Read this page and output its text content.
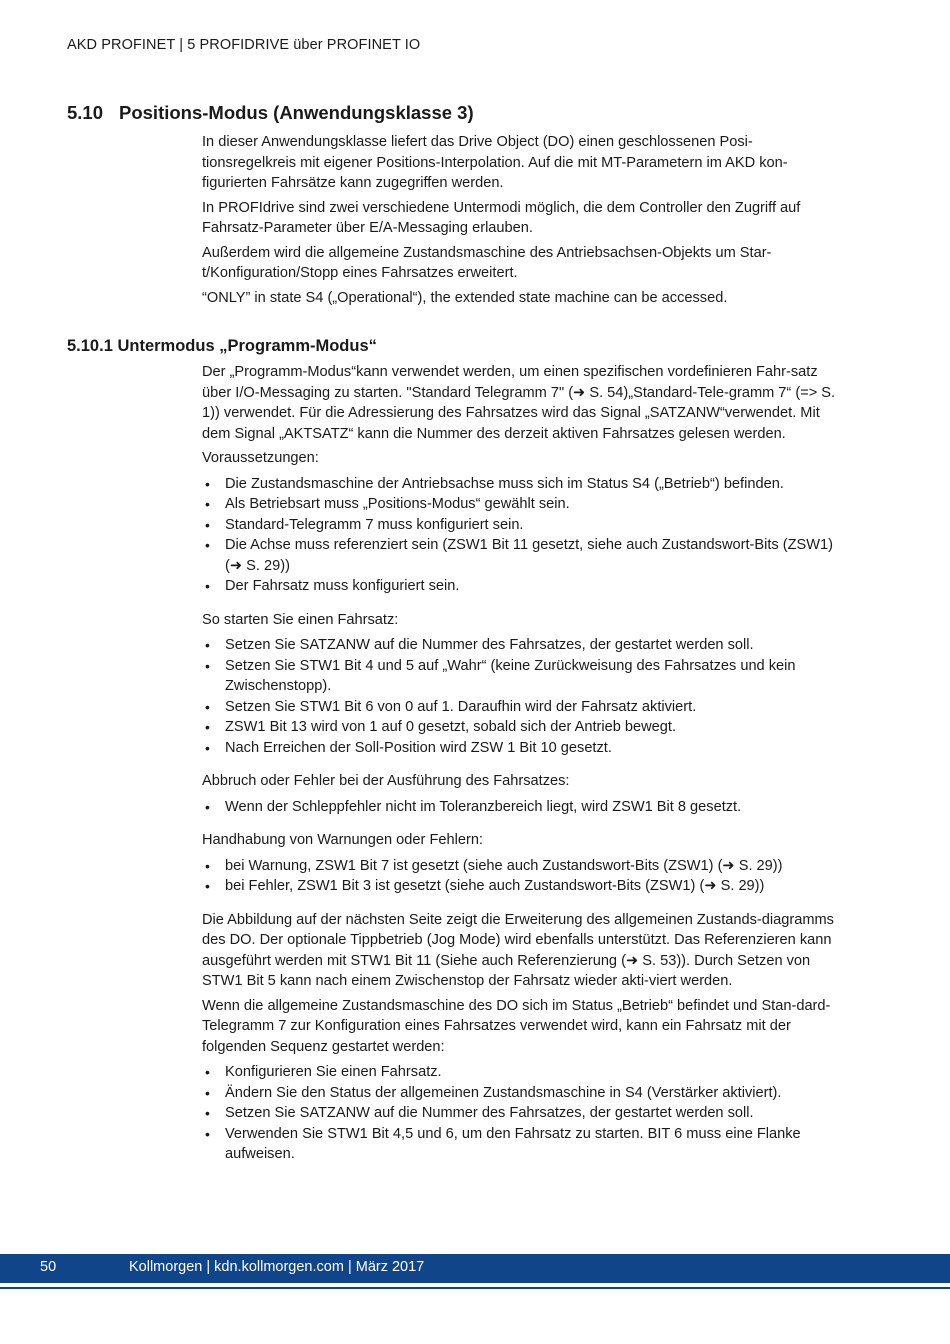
AKD PROFINET | 5 PROFIDRIVE über PROFINET IO
5.10 Positions-Modus (Anwendungsklasse 3)

In dieser Anwendungsklasse liefert das Drive Object (DO) einen geschlossenen Posi-tionsregelkreis mit eigener Positions-Interpolation. Auf die mit MT-Parametern im AKD kon-figurierten Fahrsätze kann zugegriffen werden.

In PROFIdrive sind zwei verschiedene Untermodi möglich, die dem Controller den Zugriff auf Fahrsatz-Parameter über E/A-Messaging erlauben.

Außerdem wird die allgemeine Zustandsmaschine des Antriebsachsen-Objekts um Star-t/Konfiguration/Stopp eines Fahrsatzes erweitert.

“ONLY” in state S4 („Operational“), the extended state machine can be accessed.

5.10.1 Untermodus „Programm-Modus“

Der „Programm-Modus“kann verwendet werden, um einen spezifischen vordefinieren Fahr-satz über I/O-Messaging zu starten. "Standard Telegramm 7" (➜ S. 54)„Standard-Tele-gramm 7“ (=> S. 1)) verwendet. Für die Adressierung des Fahrsatzes wird das Signal „SATZANW“verwendet. Mit dem Signal „AKTSATZ“ kann die Nummer des derzeit aktiven Fahrsatzes gelesen werden.

Voraussetzungen:

• Die Zustandsmaschine der Antriebsachse muss sich im Status S4 („Betrieb“) befinden.
• Als Betriebsart muss „Positions-Modus“ gewählt sein.
• Standard-Telegramm 7 muss konfiguriert sein.
• Die Achse muss referenziert sein (ZSW1 Bit 11 gesetzt, siehe auch Zustandswort-Bits (ZSW1) (➜ S. 29))
• Der Fahrsatz muss konfiguriert sein.

So starten Sie einen Fahrsatz:

• Setzen Sie SATZANW auf die Nummer des Fahrsatzes, der gestartet werden soll.
• Setzen Sie STW1 Bit 4 und 5 auf „Wahr“ (keine Zurückweisung des Fahrsatzes und kein Zwischenstopp).
• Setzen Sie STW1 Bit 6 von 0 auf 1. Daraufhin wird der Fahrsatz aktiviert.
• ZSW1 Bit 13 wird von 1 auf 0 gesetzt, sobald sich der Antrieb bewegt.
• Nach Erreichen der Soll-Position wird ZSW 1 Bit 10 gesetzt.

Abbruch oder Fehler bei der Ausführung des Fahrsatzes:

• Wenn der Schleppfehler nicht im Toleranzbereich liegt, wird ZSW1 Bit 8 gesetzt.

Handhabung von Warnungen oder Fehlern:

• bei Warnung, ZSW1 Bit 7 ist gesetzt (siehe auch Zustandswort-Bits (ZSW1) (➜ S. 29))
• bei Fehler, ZSW1 Bit 3 ist gesetzt (siehe auch Zustandswort-Bits (ZSW1) (➜ S. 29))

Die Abbildung auf der nächsten Seite zeigt die Erweiterung des allgemeinen Zustands-diagramms des DO. Der optionale Tippbetrieb (Jog Mode) wird ebenfalls unterstützt. Das Referenzieren kann ausgeführt werden mit STW1 Bit 11 (Siehe auch Referenzierung (➜ S. 53)). Durch Setzen von STW1 Bit 5 kann nach einem Zwischenstop der Fahrsatz wieder akti-viert werden.

Wenn die allgemeine Zustandsmaschine des DO sich im Status „Betrieb“ befindet und Stan-dard-Telegramm 7 zur Konfiguration eines Fahrsatzes verwendet wird, kann ein Fahrsatz mit der folgenden Sequenz gestartet werden:

• Konfigurieren Sie einen Fahrsatz.
• Ändern Sie den Status der allgemeinen Zustandsmaschine in S4 (Verstärker aktiviert).
• Setzen Sie SATZANW auf die Nummer des Fahrsatzes, der gestartet werden soll.
• Verwenden Sie STW1 Bit 4,5 und 6, um den Fahrsatz zu starten. BIT 6 muss eine Flanke aufweisen.
50	Kollmorgen | kdn.kollmorgen.com | März 2017
